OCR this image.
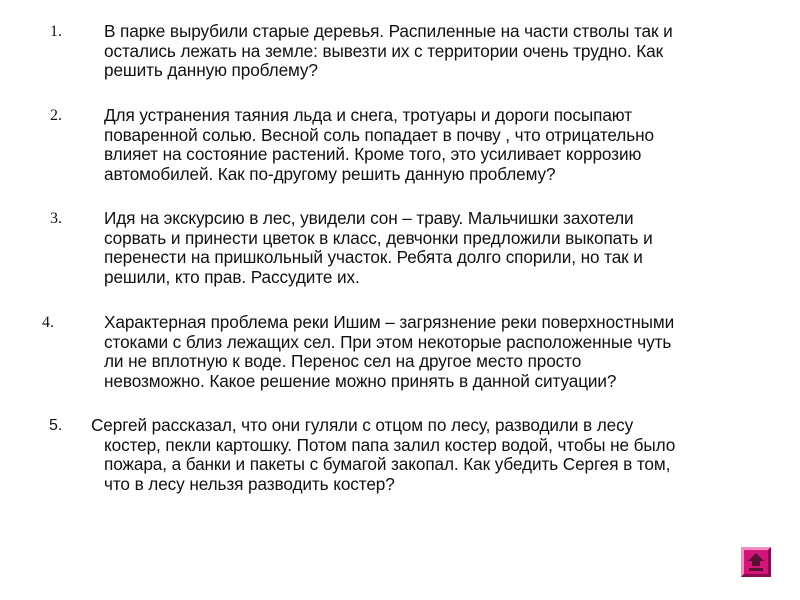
1. В парке вырубили старые деревья. Распиленные на части стволы так и
остались лежать на земле: вывезти их с территории очень трудно. Как
решить данную проблему?
2. Для устранения таяния льда и снега, тротуары и дороги посыпают
поваренной солью. Весной соль попадает в почву , что отрицательно
влияет на состояние растений. Кроме того, это усиливает коррозию
автомобилей. Как по-другому решить данную проблему?
3. Идя на экскурсию в лес, увидели сон – траву. Мальчишки захотели
сорвать и принести цветок в класс, девчонки предложили выкопать и
перенести на пришкольный участок. Ребята долго спорили, но так и
решили, кто прав. Рассудите их.
4.	Характерная проблема реки Ишим – загрязнение реки поверхностными
стоками с близ лежащих сел. При этом некоторые расположенные чуть
ли не вплотную к воде. Перенос сел на другое место просто
невозможно. Какое решение можно принять в данной ситуации?
5.	Сергей рассказал, что они гуляли с отцом по лесу, разводили в лесу
костер, пекли картошку. Потом папа залил костер водой, чтобы не было
пожара, а банки и пакеты с бумагой закопал. Как убедить Сергея в том,
что в лесу нельзя разводить костер?
